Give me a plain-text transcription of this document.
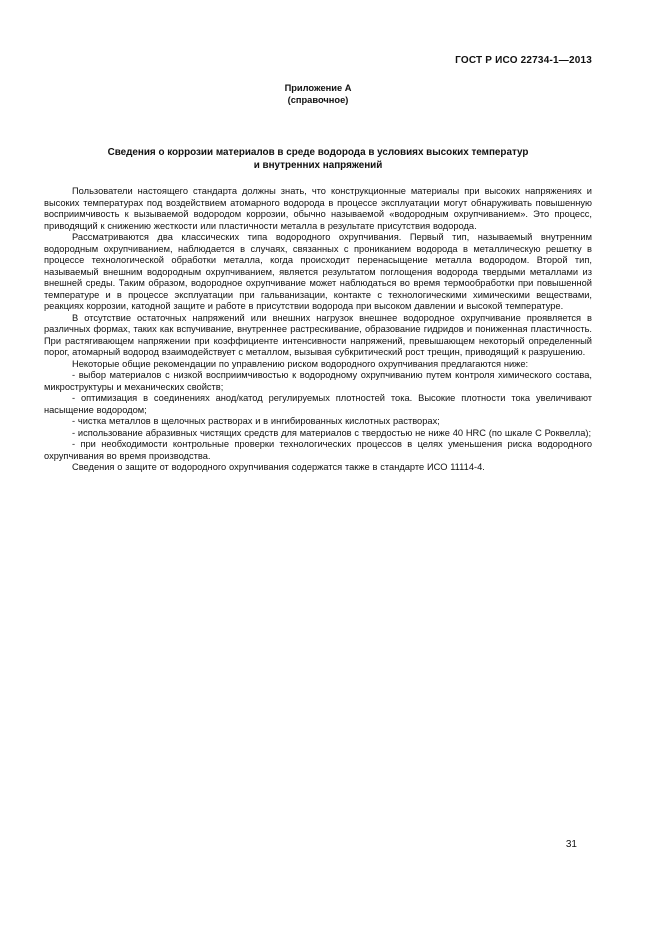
ГОСТ Р ИСО 22734-1—2013
Приложение А
(справочное)
Сведения о коррозии материалов в среде водорода в условиях высоких температур
и внутренних напряжений

Пользователи настоящего стандарта должны знать, что конструкционные материалы при высоких напряжениях и высоких температурах под воздействием атомарного водорода в процессе эксплуатации могут обнаруживать повышенную восприимчивость к вызываемой водородом коррозии, обычно называемой «водородным охрупчиванием». Это процесс, приводящий к снижению жесткости или пластичности металла в результате присутствия водорода.

Рассматриваются два классических типа водородного охрупчивания. Первый тип, называемый внутренним водородным охрупчиванием, наблюдается в случаях, связанных с прониканием водорода в металлическую решетку в процессе технологической обработки металла, когда происходит перенасыщение металла водородом. Второй тип, называемый внешним водородным охрупчиванием, является результатом поглощения водорода твердыми металлами из внешней среды. Таким образом, водородное охрупчивание может наблюдаться во время термообработки при повышенной температуре и в процессе эксплуатации при гальванизации, контакте с технологическими химическими веществами, реакциях коррозии, катодной защите и работе в присутствии водорода при высоком давлении и высокой температуре.

В отсутствие остаточных напряжений или внешних нагрузок внешнее водородное охрупчивание проявляется в различных формах, таких как вспучивание, внутреннее растрескивание, образование гидридов и пониженная пластичность. При растягивающем напряжении при коэффициенте интенсивности напряжений, превышающем некоторый определенный порог, атомарный водород взаимодействует с металлом, вызывая субкритический рост трещин, приводящий к разрушению.

Некоторые общие рекомендации по управлению риском водородного охрупчивания предлагаются ниже:

- выбор материалов с низкой восприимчивостью к водородному охрупчиванию путем контроля химического состава, микроструктуры и механических свойств;

- оптимизация в соединениях анод/катод регулируемых плотностей тока. Высокие плотности тока увеличивают насыщение водородом;

- чистка металлов в щелочных растворах и в ингибированных кислотных растворах;

- использование абразивных чистящих средств для материалов с твердостью не ниже 40 HRC (по шкале С Роквелла);

- при необходимости контрольные проверки технологических процессов в целях уменьшения риска водородного охрупчивания во время производства.

Сведения о защите от водородного охрупчивания содержатся также в стандарте ИСО 11114-4.

31
